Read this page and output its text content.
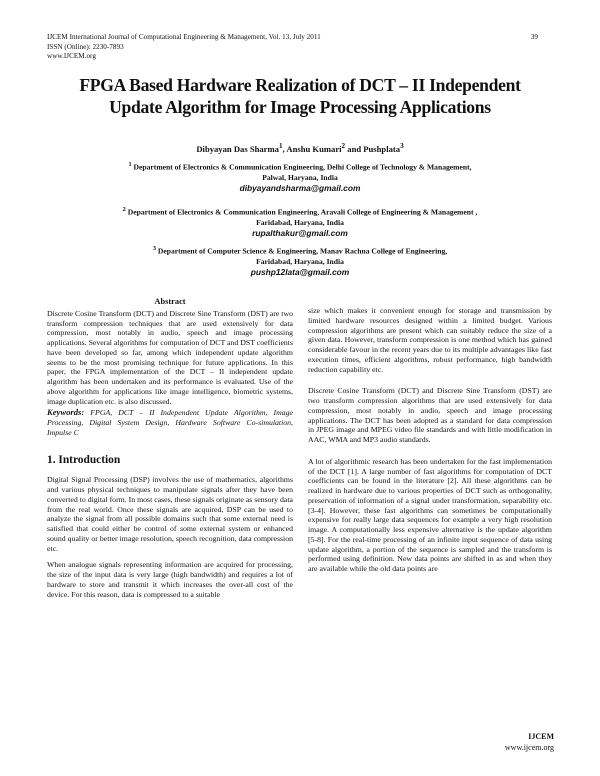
IJCEM International Journal of Computational Engineering & Management, Vol. 13, July 2011
ISSN (Online): 2230-7893
www.IJCEM.org
39
FPGA Based Hardware Realization of DCT – II Independent
Update Algorithm for Image Processing Applications
Dibyayan Das Sharma$^1$, Anshu Kumari$^2$ and Pushplata$^3$
$^1$ Department of Electronics & Communication Engineering, Delhi College of Technology & Management,
Palwal, Haryana, India
dibyayandsharma@gmail.com
$^2$ Department of Electronics & Communication Engineering, Aravali College of Engineering & Management ,
Faridabad, Haryana, India
rupalthakur@gmail.com
$^3$ Department of Computer Science & Engineering, Manav Rachna College of Engineering,
Faridabad, Haryana, India
pushp12lata@gmail.com
Abstract
Discrete Cosine Transform (DCT) and Discrete Sine Transform (DST) are two transform compression techniques that are used extensively for data compression, most notably in audio, speech and image processing applications. Several algorithms for computation of DCT and DST coefficients have been developed so far, among which independent update algorithm seems to be the most promising technique for future applications. In this paper, the FPGA implementation of the DCT – II independent update algorithm has been undertaken and its performance is evaluated. Use of the above algorithm for applications like image intelligence, biometric systems, image duplication etc. is also discussed.
Keywords: FPGA, DCT – II Independent Update Algorithm, Image Processing, Digital System Design, Hardware Software Co-simulation, Impulse C
1. Introduction
Digital Signal Processing (DSP) involves the use of mathematics, algorithms and various physical techniques to manipulate signals after they have been converted to digital form. In most cases, these signals originate as sensory data from the real world. Once these signals are acquired, DSP can be used to analyze the signal from all possible domains such that some external need is satisfied that could either be control of some external system or enhanced sound quality or better image resolution, speech recognition, data compression etc.
When analogue signals representing information are acquired for processing, the size of the input data is very large (high bandwidth) and requires a lot of hardware to store and transmit it which increases the over-all cost of the device. For this reason, data is compressed to a suitable
size which makes it convenient enough for storage and transmission by limited hardware resources designed within a limited budget. Various compression algorithms are present which can suitably reduce the size of a given data. However, transform compression is one method which has gained considerable favour in the recent years due to its multiple advantages like fast execution times, efficient algorithms, robust performance, high bandwidth reduction capability etc.
Discrete Cosine Transform (DCT) and Discrete Sine Transform (DST) are two transform compression algorithms that are used extensively for data compression, most notably in audio, speech and image processing applications. The DCT has been adopted as a standard for data compression in JPEG image and MPEG video file standards and with little modification in AAC, WMA and MP3 audio standards.
A lot of algorithmic research has been undertaken for the fast implementation of the DCT [1]. A large number of fast algorithms for computation of DCT coefficients can be found in the literature [2]. All these algorithms can be realized in hardware due to various properties of DCT such as orthogonality, preservation of information of a signal under transformation, separability etc. [3-4]. However, these fast algorithms can sometimes be computationally expensive for really large data sequences for example a very high resolution image. A computationally less expensive alternative is the update algorithm [5-8]. For the real-time processing of an infinite input sequence of data using update algorithm, a portion of the sequence is sampled and the transform is performed using definition. New data points are shifted in as and when they are available while the old data points are
IJCEM
www.ijcem.org
